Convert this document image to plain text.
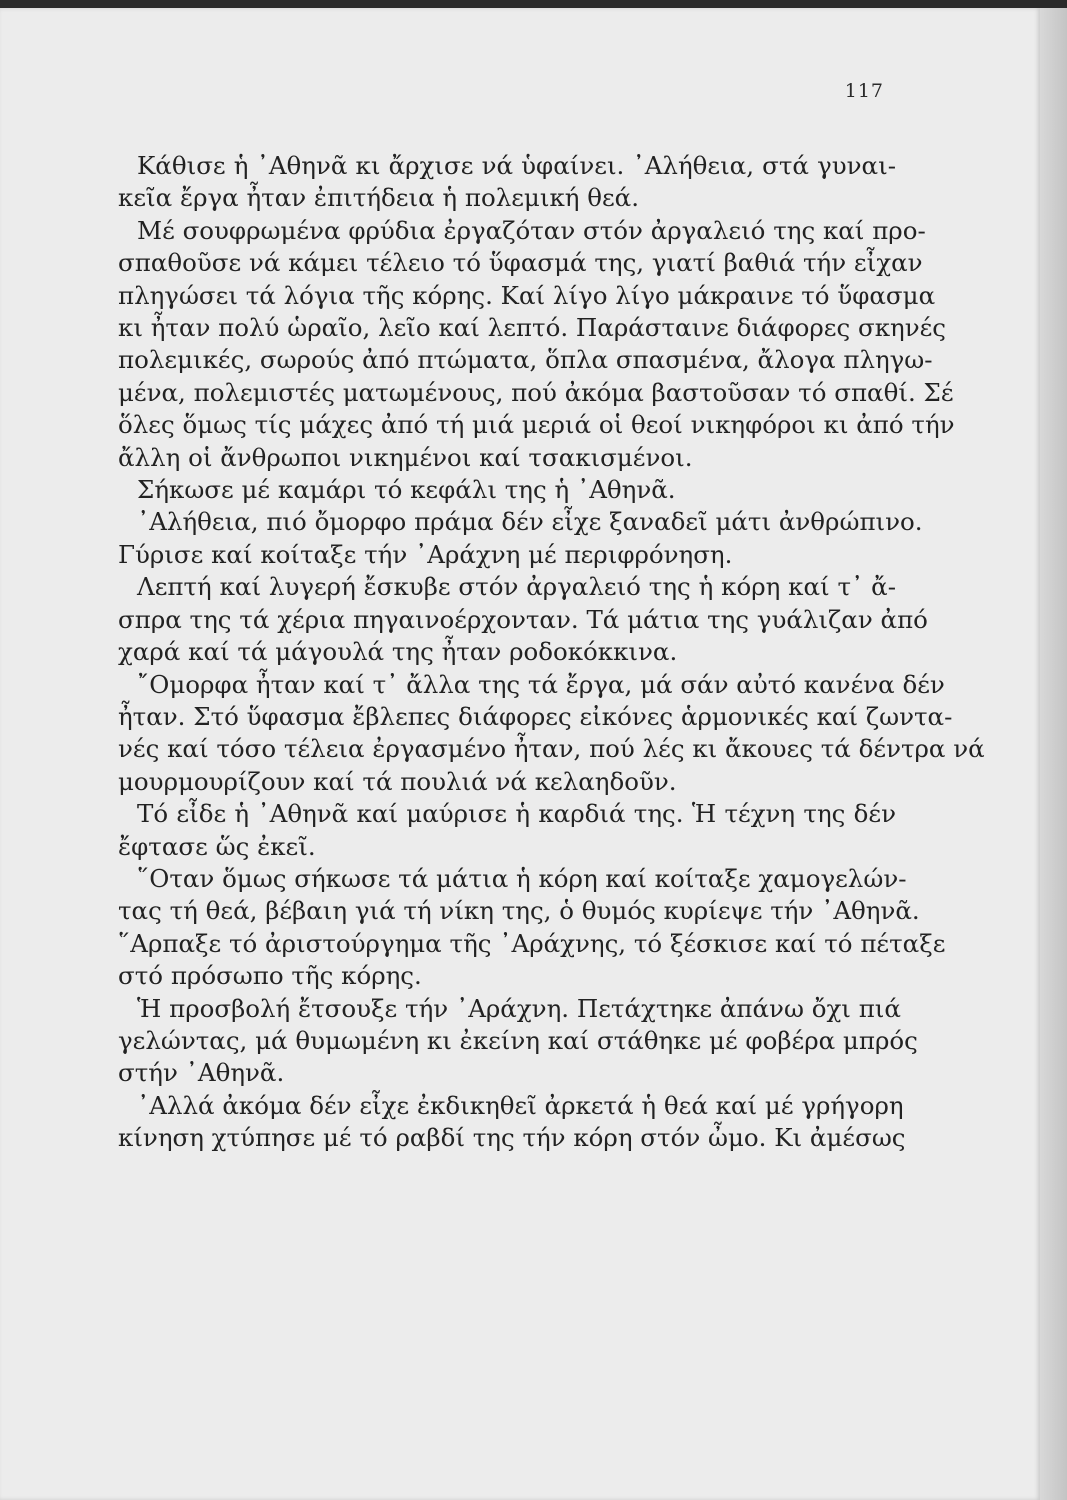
117

Κάθισε ἡ ᾿Αθηνᾶ κι ἄρχισε νά ὑφαίνει. ᾿Αλήθεια, στά γυναι-
κεῖα ἔργα ἦταν ἐπιτήδεια ἡ πολεμική θεά.

Μέ σουφρωμένα φρύδια ἐργαζόταν στόν ἀργαλειό της καί προ-
σπαθοῦσε νά κάμει τέλειο τό ὕφασμά της, γιατί βαθιά τήν εἶχαν
πληγώσει τά λόγια τῆς κόρης. Καί λίγο λίγο μάκραινε τό ὕφασμα
κι ἦταν πολύ ὡραῖο, λεῖο καί λεπτό. Παράσταινε διάφορες σκηνές
πολεμικές, σωρούς ἀπό πτώματα, ὅπλα σπασμένα, ἄλογα πληγω-
μένα, πολεμιστές ματωμένους, πού ἀκόμα βαστοῦσαν τό σπαθί. Σέ
ὅλες ὅμως τίς μάχες ἀπό τή μιά μεριά οἱ θεοί νικηφόροι κι ἀπό τήν
ἄλλη οἱ ἄνθρωποι νικημένοι καί τσακισμένοι.

Σήκωσε μέ καμάρι τό κεφάλι της ἡ ᾿Αθηνᾶ.

᾿Αλήθεια, πιό ὄμορφο πράμα δέν εἶχε ξαναδεῖ μάτι ἀνθρώπινο.
Γύρισε καί κοίταξε τήν ᾿Αράχνη μέ περιφρόνηση.

Λεπτή καί λυγερή ἔσκυβε στόν ἀργαλειό της ἡ κόρη καί τ᾿ ἄ-
σπρα της τά χέρια πηγαινοέρχονταν. Τά μάτια της γυάλιζαν ἀπό
χαρά καί τά μάγουλά της ἦταν ροδοκόκκινα.

῎Ομορφα ἦταν καί τ᾿ ἄλλα της τά ἔργα, μά σάν αὐτό κανένα δέν
ἦταν. Στό ὕφασμα ἔβλεπες διάφορες εἰκόνες ἁρμονικές καί ζωντα-
νές καί τόσο τέλεια ἐργασμένο ἦταν, πού λές κι ἄκουες τά δέντρα νά
μουρμουρίζουν καί τά πουλιά νά κελαηδοῦν.

Τό εἶδε ἡ ᾿Αθηνᾶ καί μαύρισε ἡ καρδιά της. Ἡ τέχνη της δέν
ἔφτασε ὥς ἐκεῖ.

῞Οταν ὅμως σήκωσε τά μάτια ἡ κόρη καί κοίταξε χαμογελών-
τας τή θεά, βέβαιη γιά τή νίκη της, ὁ θυμός κυρίεψε τήν ᾿Αθηνᾶ.
῞Αρπαξε τό ἀριστούργημα τῆς ᾿Αράχνης, τό ξέσκισε καί τό πέταξε
στό πρόσωπο τῆς κόρης.

Ἡ προσβολή ἔτσουξε τήν ᾿Αράχνη. Πετάχτηκε ἀπάνω ὄχι πιά
γελώντας, μά θυμωμένη κι ἐκείνη καί στάθηκε μέ φοβέρα μπρός
στήν ᾿Αθηνᾶ.

᾿Αλλά ἀκόμα δέν εἶχε ἐκδικηθεῖ ἀρκετά ἡ θεά καί μέ γρήγορη
κίνηση χτύπησε μέ τό ραβδί της τήν κόρη στόν ὦμο. Κι ἀμέσως
